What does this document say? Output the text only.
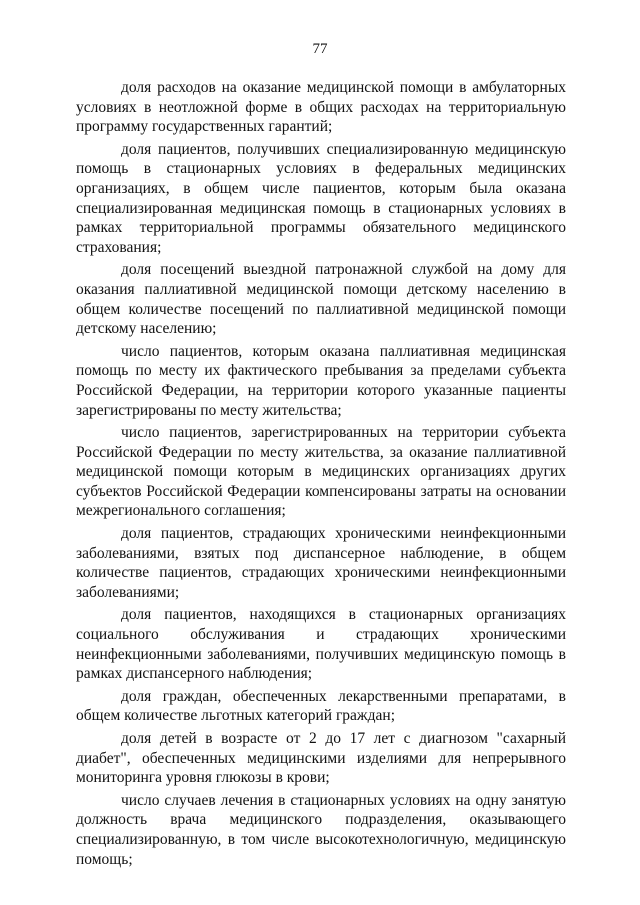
77

доля расходов на оказание медицинской помощи в амбулаторных условиях в неотложной форме в общих расходах на территориальную программу государственных гарантий;

доля пациентов, получивших специализированную медицинскую помощь в стационарных условиях в федеральных медицинских организациях, в общем числе пациентов, которым была оказана специализированная медицинская помощь в стационарных условиях в рамках территориальной программы обязательного медицинского страхования;

доля посещений выездной патронажной службой на дому для оказания паллиативной медицинской помощи детскому населению в общем количестве посещений по паллиативной медицинской помощи детскому населению;

число пациентов, которым оказана паллиативная медицинская помощь по месту их фактического пребывания за пределами субъекта Российской Федерации, на территории которого указанные пациенты зарегистрированы по месту жительства;

число пациентов, зарегистрированных на территории субъекта Российской Федерации по месту жительства, за оказание паллиативной медицинской помощи которым в медицинских организациях других субъектов Российской Федерации компенсированы затраты на основании межрегионального соглашения;

доля пациентов, страдающих хроническими неинфекционными заболеваниями, взятых под диспансерное наблюдение, в общем количестве пациентов, страдающих хроническими неинфекционными заболеваниями;

доля пациентов, находящихся в стационарных организациях социального обслуживания и страдающих хроническими неинфекционными заболеваниями, получивших медицинскую помощь в рамках диспансерного наблюдения;

доля граждан, обеспеченных лекарственными препаратами, в общем количестве льготных категорий граждан;

доля детей в возрасте от 2 до 17 лет с диагнозом "сахарный диабет", обеспеченных медицинскими изделиями для непрерывного мониторинга уровня глюкозы в крови;

число случаев лечения в стационарных условиях на одну занятую должность врача медицинского подразделения, оказывающего специализированную, в том числе высокотехнологичную, медицинскую помощь;
